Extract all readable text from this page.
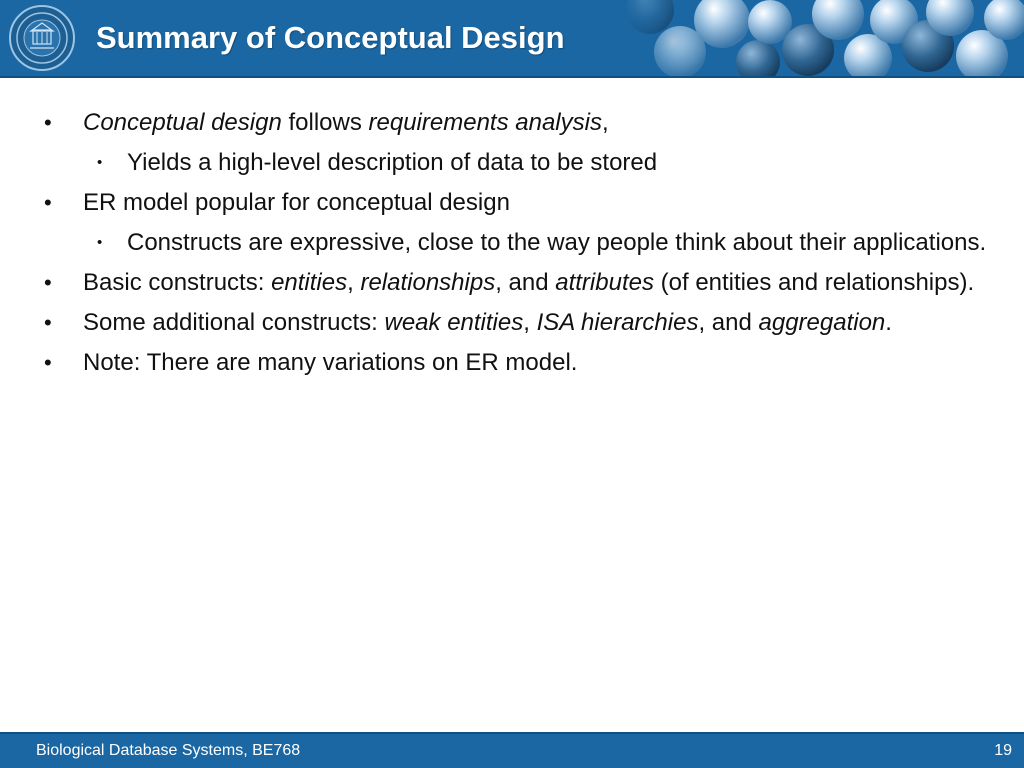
Summary of Conceptual Design
• Conceptual design follows requirements analysis,
• Yields a high-level description of data to be stored
• ER model popular for conceptual design
• Constructs are expressive, close to the way people think about their applications.
• Basic constructs: entities, relationships, and attributes (of entities and relationships).
• Some additional constructs: weak entities, ISA hierarchies, and aggregation.
• Note: There are many variations on ER model.
Biological Database Systems, BE768	19
